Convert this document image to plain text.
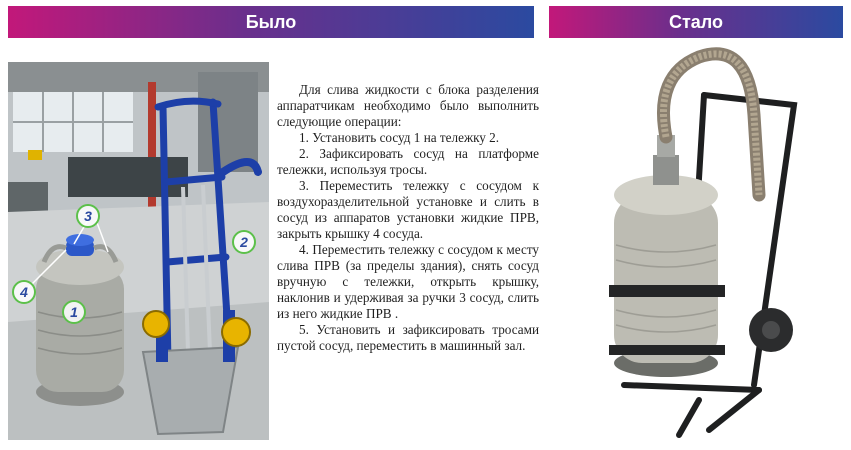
Было	Стало
3
2
4
1

Для слива жидкости с блока разделения аппаратчикам необходимо было выполнить следующие операции:

1. Установить сосуд 1 на тележку 2.

2. Зафиксировать сосуд на платформе тележки, используя тросы.

3. Переместить тележку с сосудом к воздухоразделительной установке и слить в сосуд из аппаратов установки жидкие ПРВ, закрыть крышку 4 сосуда.

4. Переместить тележку с сосудом к месту слива ПРВ (за пределы здания), снять сосуд вручную с тележки, открыть крышку, наклонив и удерживая за ручки 3 сосуд, слить из него жидкие ПРВ .

5. Установить и зафиксировать тросами пустой сосуд, переместить в машинный зал.
